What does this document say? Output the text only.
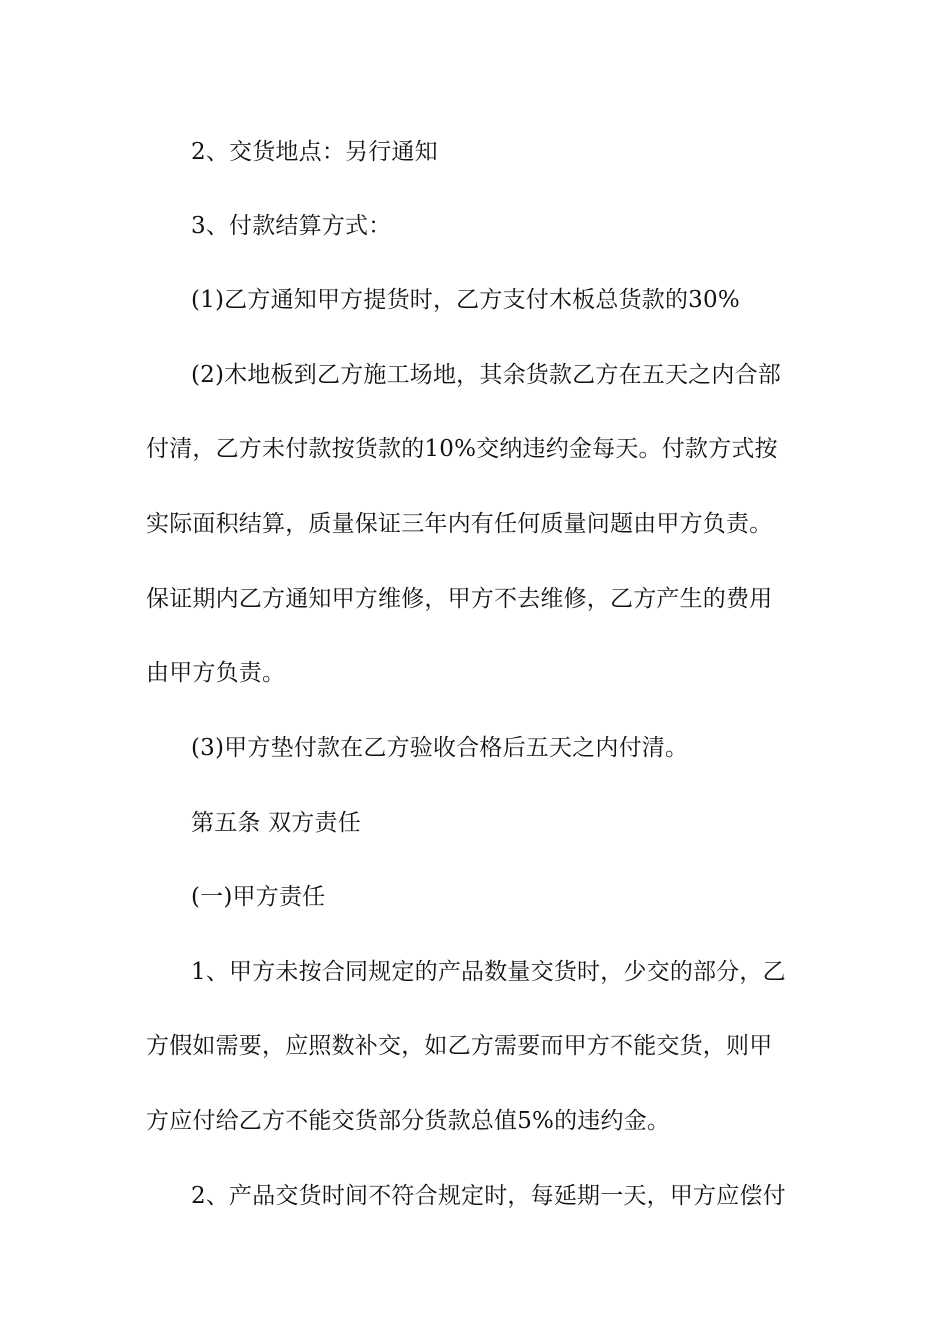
2、交货地点：另行通知
3、付款结算方式：
(1)乙方通知甲方提货时，乙方支付木板总货款的30%
(2)木地板到乙方施工场地，其余货款乙方在五天之内合部
付清，乙方未付款按货款的10%交纳违约金每天。付款方式按
实际面积结算，质量保证三年内有任何质量问题由甲方负责。
保证期内乙方通知甲方维修，甲方不去维修，乙方产生的费用
由甲方负责。
(3)甲方垫付款在乙方验收合格后五天之内付清。
第五条 双方责任
(一)甲方责任
1、甲方未按合同规定的产品数量交货时，少交的部分，乙
方假如需要，应照数补交，如乙方需要而甲方不能交货，则甲
方应付给乙方不能交货部分货款总值5%的违约金。
2、产品交货时间不符合规定时，每延期一天，甲方应偿付
